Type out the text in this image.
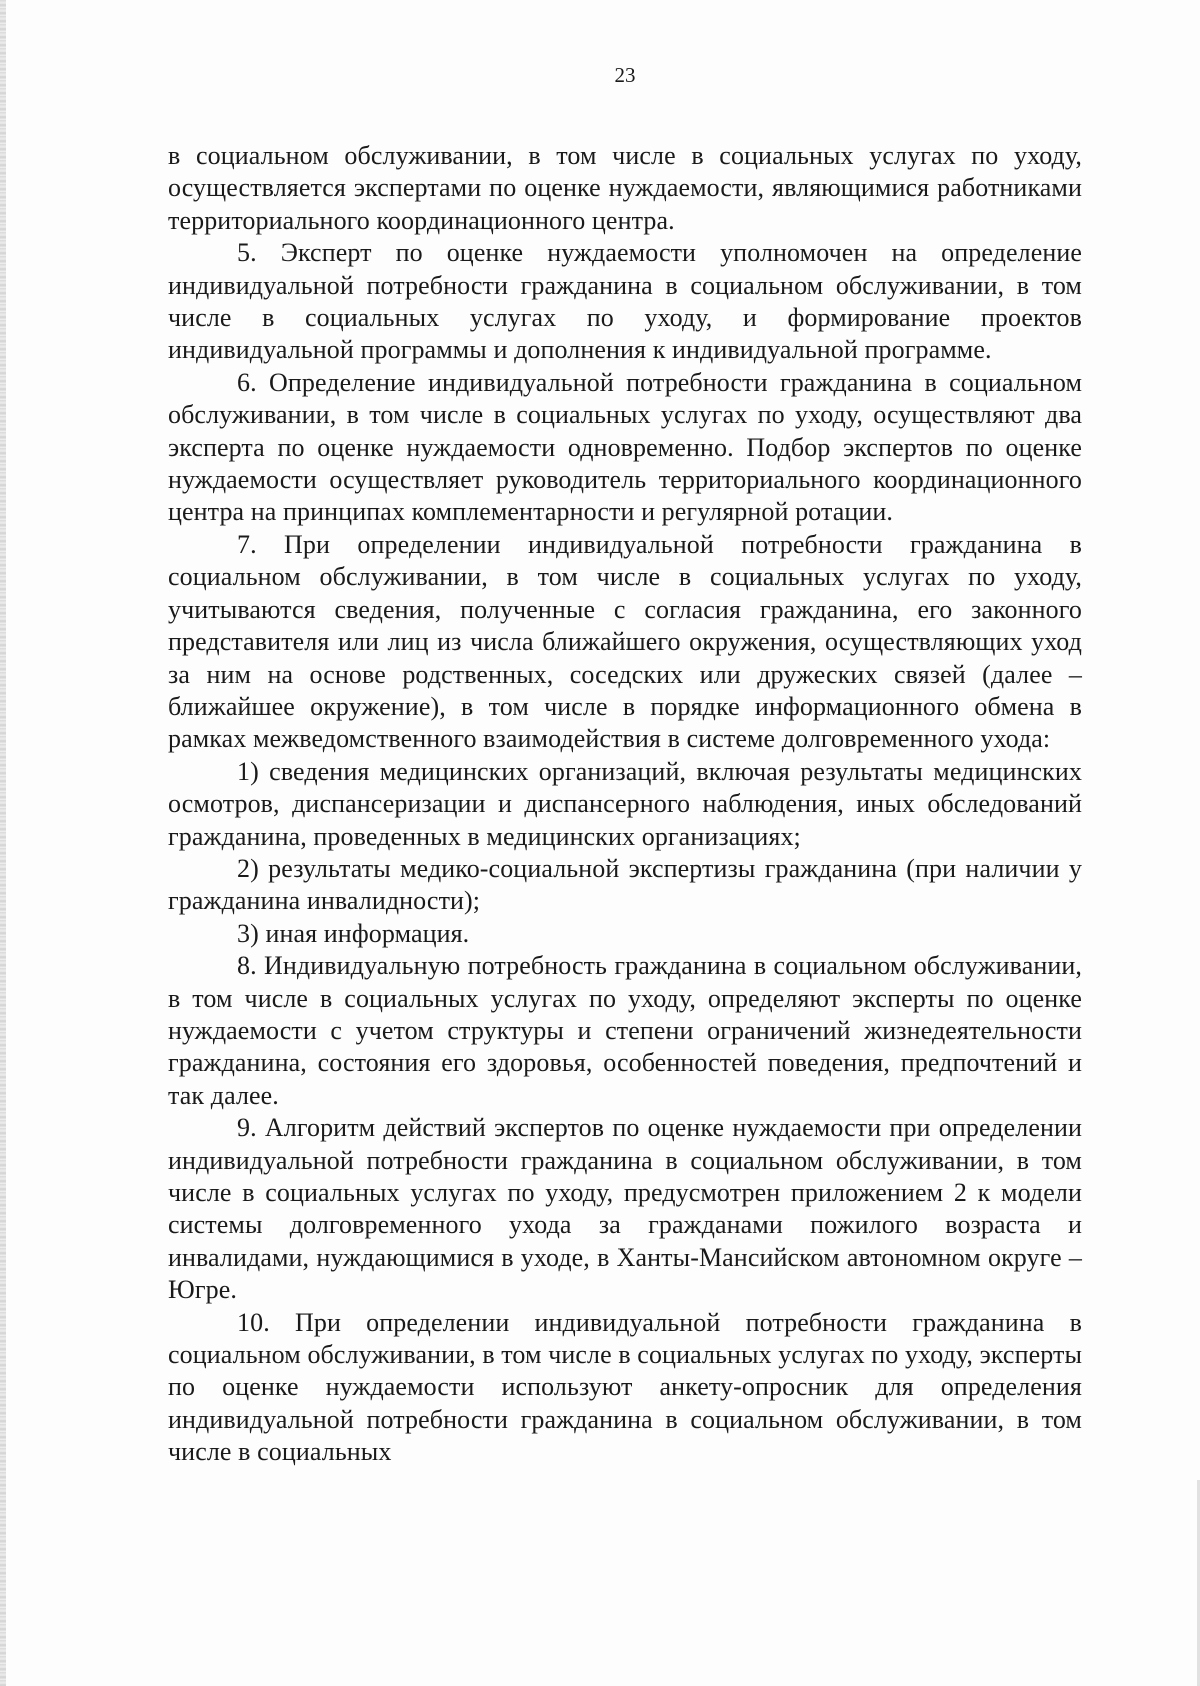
23

в социальном обслуживании, в том числе в социальных услугах по уходу, осуществляется экспертами по оценке нуждаемости, являющимися работниками территориального координационного центра.

5. Эксперт по оценке нуждаемости уполномочен на определение индивидуальной потребности гражданина в социальном обслуживании, в том числе в социальных услугах по уходу, и формирование проектов индивидуальной программы и дополнения к индивидуальной программе.

6. Определение индивидуальной потребности гражданина в социальном обслуживании, в том числе в социальных услугах по уходу, осуществляют два эксперта по оценке нуждаемости одновременно. Подбор экспертов по оценке нуждаемости осуществляет руководитель территориального координационного центра на принципах комплементарности и регулярной ротации.

7. При определении индивидуальной потребности гражданина в социальном обслуживании, в том числе в социальных услугах по уходу, учитываются сведения, полученные с согласия гражданина, его законного представителя или лиц из числа ближайшего окружения, осуществляющих уход за ним на основе родственных, соседских или дружеских связей (далее – ближайшее окружение), в том числе в порядке информационного обмена в рамках межведомственного взаимодействия в системе долговременного ухода:

1) сведения медицинских организаций, включая результаты медицинских осмотров, диспансеризации и диспансерного наблюдения, иных обследований гражданина, проведенных в медицинских организациях;

2) результаты медико-социальной экспертизы гражданина (при наличии у гражданина инвалидности);

3) иная информация.

8. Индивидуальную потребность гражданина в социальном обслуживании, в том числе в социальных услугах по уходу, определяют эксперты по оценке нуждаемости с учетом структуры и степени ограничений жизнедеятельности гражданина, состояния его здоровья, особенностей поведения, предпочтений и так далее.

9. Алгоритм действий экспертов по оценке нуждаемости при определении индивидуальной потребности гражданина в социальном обслуживании, в том числе в социальных услугах по уходу, предусмотрен приложением 2 к модели системы долговременного ухода за гражданами пожилого возраста и инвалидами, нуждающимися в уходе, в Ханты-Мансийском автономном округе – Югре.

10. При определении индивидуальной потребности гражданина в социальном обслуживании, в том числе в социальных услугах по уходу, эксперты по оценке нуждаемости используют анкету-опросник для определения индивидуальной потребности гражданина в социальном обслуживании, в том числе в социальных
